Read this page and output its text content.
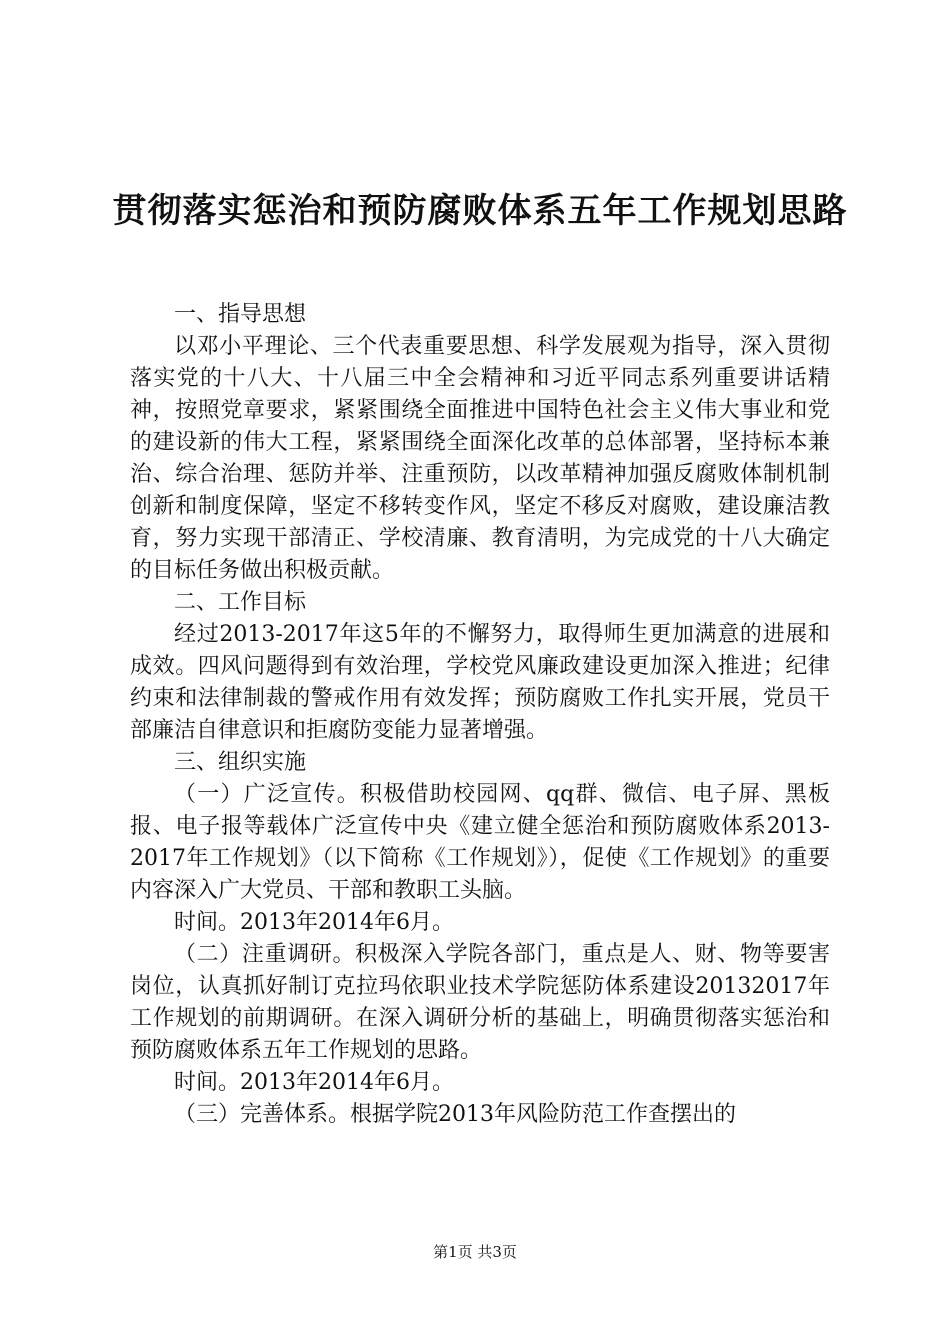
贯彻落实惩治和预防腐败体系五年工作规划思路

一、指导思想

以邓小平理论、三个代表重要思想、科学发展观为指导，深入贯彻落实党的十八大、十八届三中全会精神和习近平同志系列重要讲话精神，按照党章要求，紧紧围绕全面推进中国特色社会主义伟大事业和党的建设新的伟大工程，紧紧围绕全面深化改革的总体部署，坚持标本兼治、综合治理、惩防并举、注重预防，以改革精神加强反腐败体制机制创新和制度保障，坚定不移转变作风，坚定不移反对腐败，建设廉洁教育，努力实现干部清正、学校清廉、教育清明，为完成党的十八大确定的目标任务做出积极贡献。

二、工作目标

经过2013-2017年这5年的不懈努力，取得师生更加满意的进展和成效。四风问题得到有效治理，学校党风廉政建设更加深入推进；纪律约束和法律制裁的警戒作用有效发挥；预防腐败工作扎实开展，党员干部廉洁自律意识和拒腐防变能力显著增强。

三、组织实施

（一）广泛宣传。积极借助校园网、qq群、微信、电子屏、黑板报、电子报等载体广泛宣传中央《建立健全惩治和预防腐败体系2013-2017年工作规划》（以下简称《工作规划》），促使《工作规划》的重要内容深入广大党员、干部和教职工头脑。

时间。2013年2014年6月。

（二）注重调研。积极深入学院各部门，重点是人、财、物等要害岗位，认真抓好制订克拉玛依职业技术学院惩防体系建设20132017年工作规划的前期调研。在深入调研分析的基础上，明确贯彻落实惩治和预防腐败体系五年工作规划的思路。

时间。2013年2014年6月。

（三）完善体系。根据学院2013年风险防范工作查摆出的

第1页 共3页
